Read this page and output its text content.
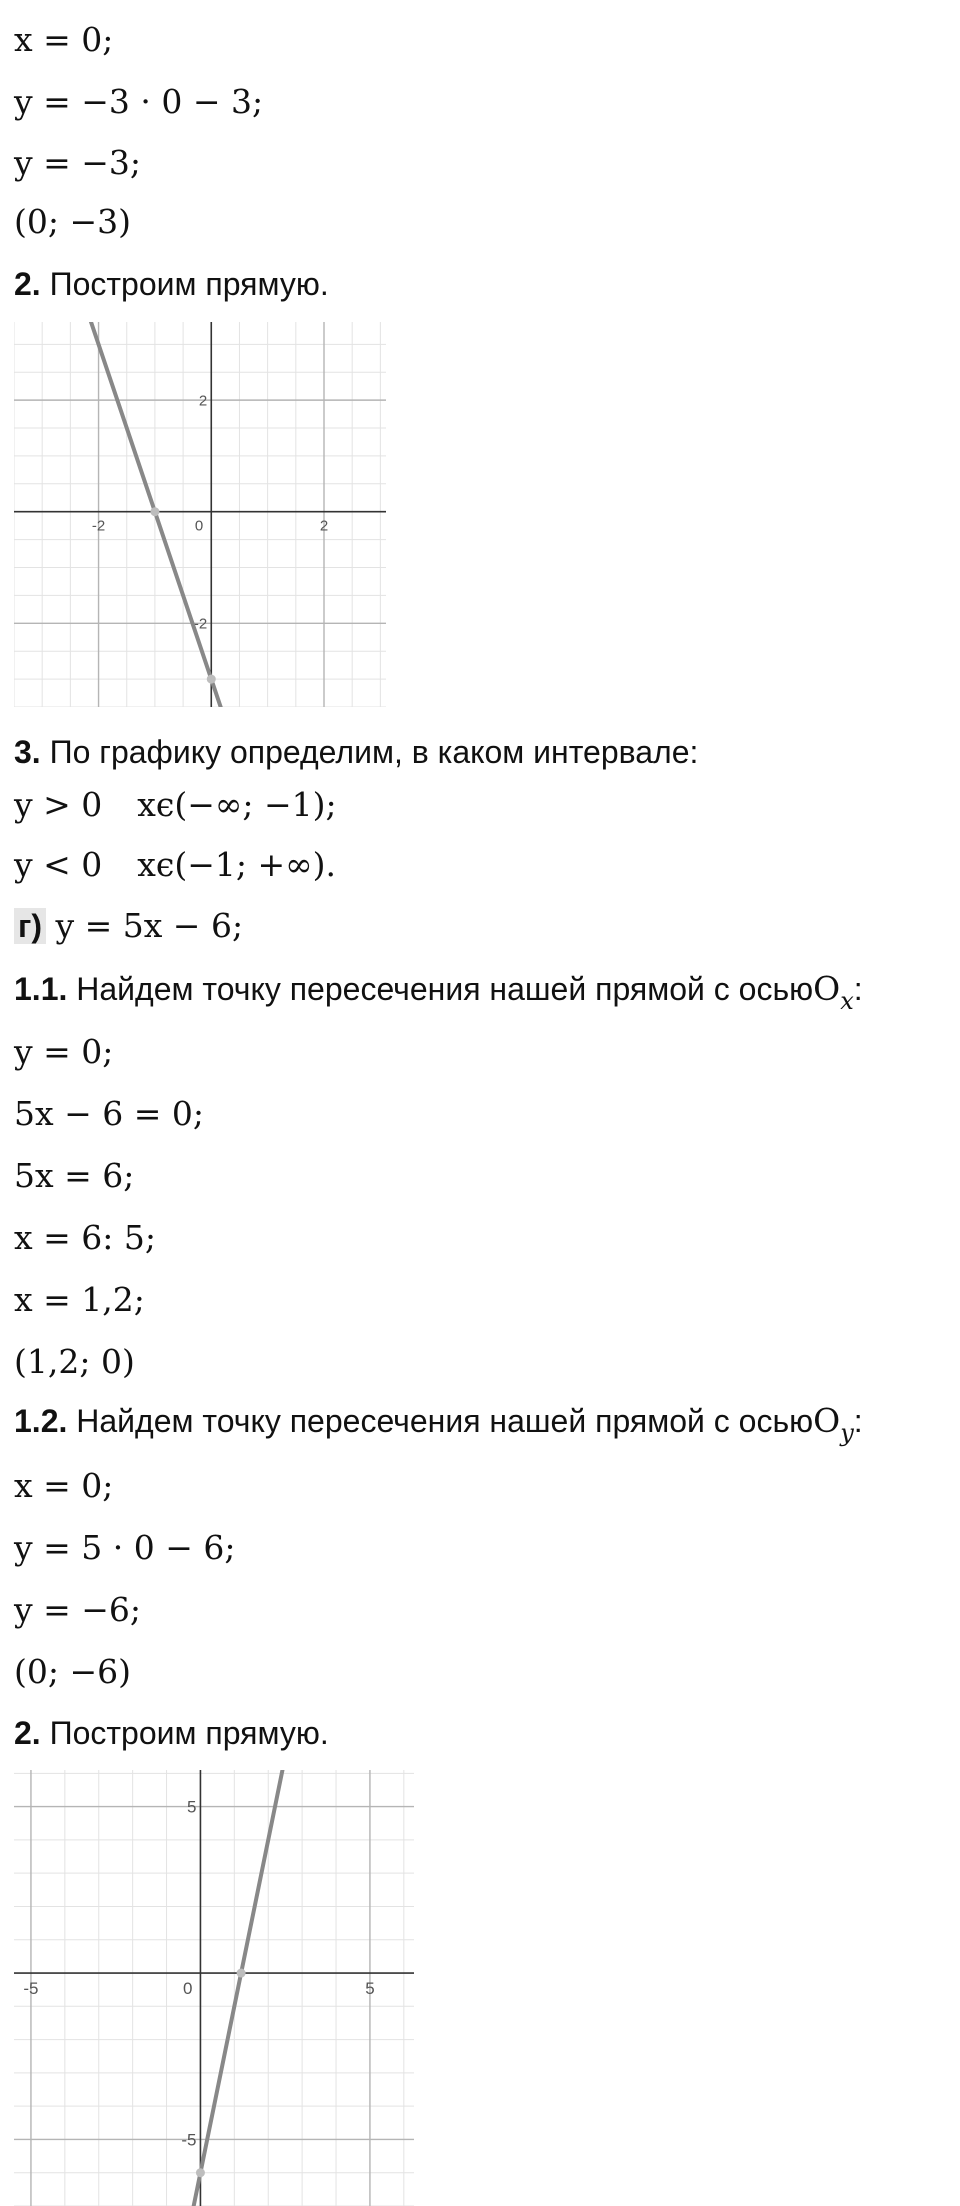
x = 0;
y = −3 · 0 − 3;
y = −3;
(0; −3)
2. Построим прямую.
-2	2
0
2
-2
3. По графику определим, в каком интервале:
y > 0 xϵ(−∞; −1);
y < 0 xϵ(−1; +∞).
г) y = 5x − 6;
1.1. Найдем точку пересечения нашей прямой с осьюO$_x$:
y = 0;
5x − 6 = 0;
5x = 6;
x = 6: 5;
x = 1,2;
(1,2; 0)
1.2. Найдем точку пересечения нашей прямой с осьюO$_y$:
x = 0;
y = 5 · 0 − 6;
y = −6;
(0; −6)
2. Построим прямую.
-5	5
0
5
-5
